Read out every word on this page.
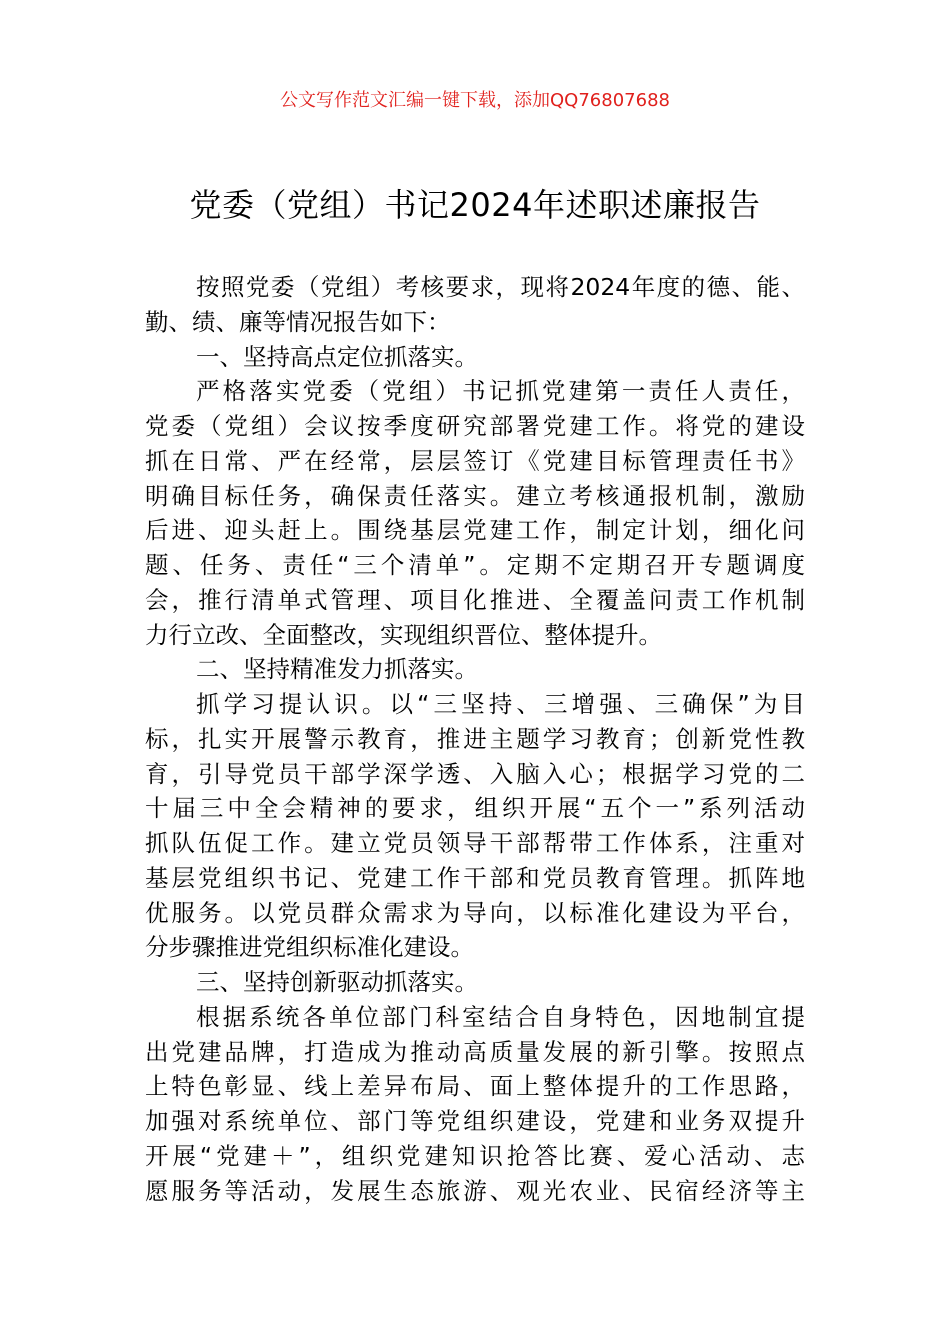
公文写作范文汇编一键下载，添加QQ76807688
党委（党组）书记2024年述职述廉报告
按照党委（党组）考核要求，现将2024年度的德、能、
勤、绩、廉等情况报告如下：
一、坚持高点定位抓落实。
严格落实党委（党组）书记抓党建第一责任人责任，
党委（党组）会议按季度研究部署党建工作。将党的建设
抓在日常、严在经常，层层签订《党建目标管理责任书》
明确目标任务，确保责任落实。建立考核通报机制，激励
后进、迎头赶上。围绕基层党建工作，制定计划，细化问
题、任务、责任“三个清单”。定期不定期召开专题调度
会，推行清单式管理、项目化推进、全覆盖问责工作机制
力行立改、全面整改，实现组织晋位、整体提升。
二、坚持精准发力抓落实。
抓学习提认识。以“三坚持、三增强、三确保”为目
标，扎实开展警示教育，推进主题学习教育；创新党性教
育，引导党员干部学深学透、入脑入心；根据学习党的二
十届三中全会精神的要求，组织开展“五个一”系列活动
抓队伍促工作。建立党员领导干部帮带工作体系，注重对
基层党组织书记、党建工作干部和党员教育管理。抓阵地
优服务。以党员群众需求为导向，以标准化建设为平台，
分步骤推进党组织标准化建设。
三、坚持创新驱动抓落实。
根据系统各单位部门科室结合自身特色，因地制宜提
出党建品牌，打造成为推动高质量发展的新引擎。按照点
上特色彰显、线上差异布局、面上整体提升的工作思路，
加强对系统单位、部门等党组织建设，党建和业务双提升
开展“党建＋”，组织党建知识抢答比赛、爱心活动、志
愿服务等活动，发展生态旅游、观光农业、民宿经济等主
